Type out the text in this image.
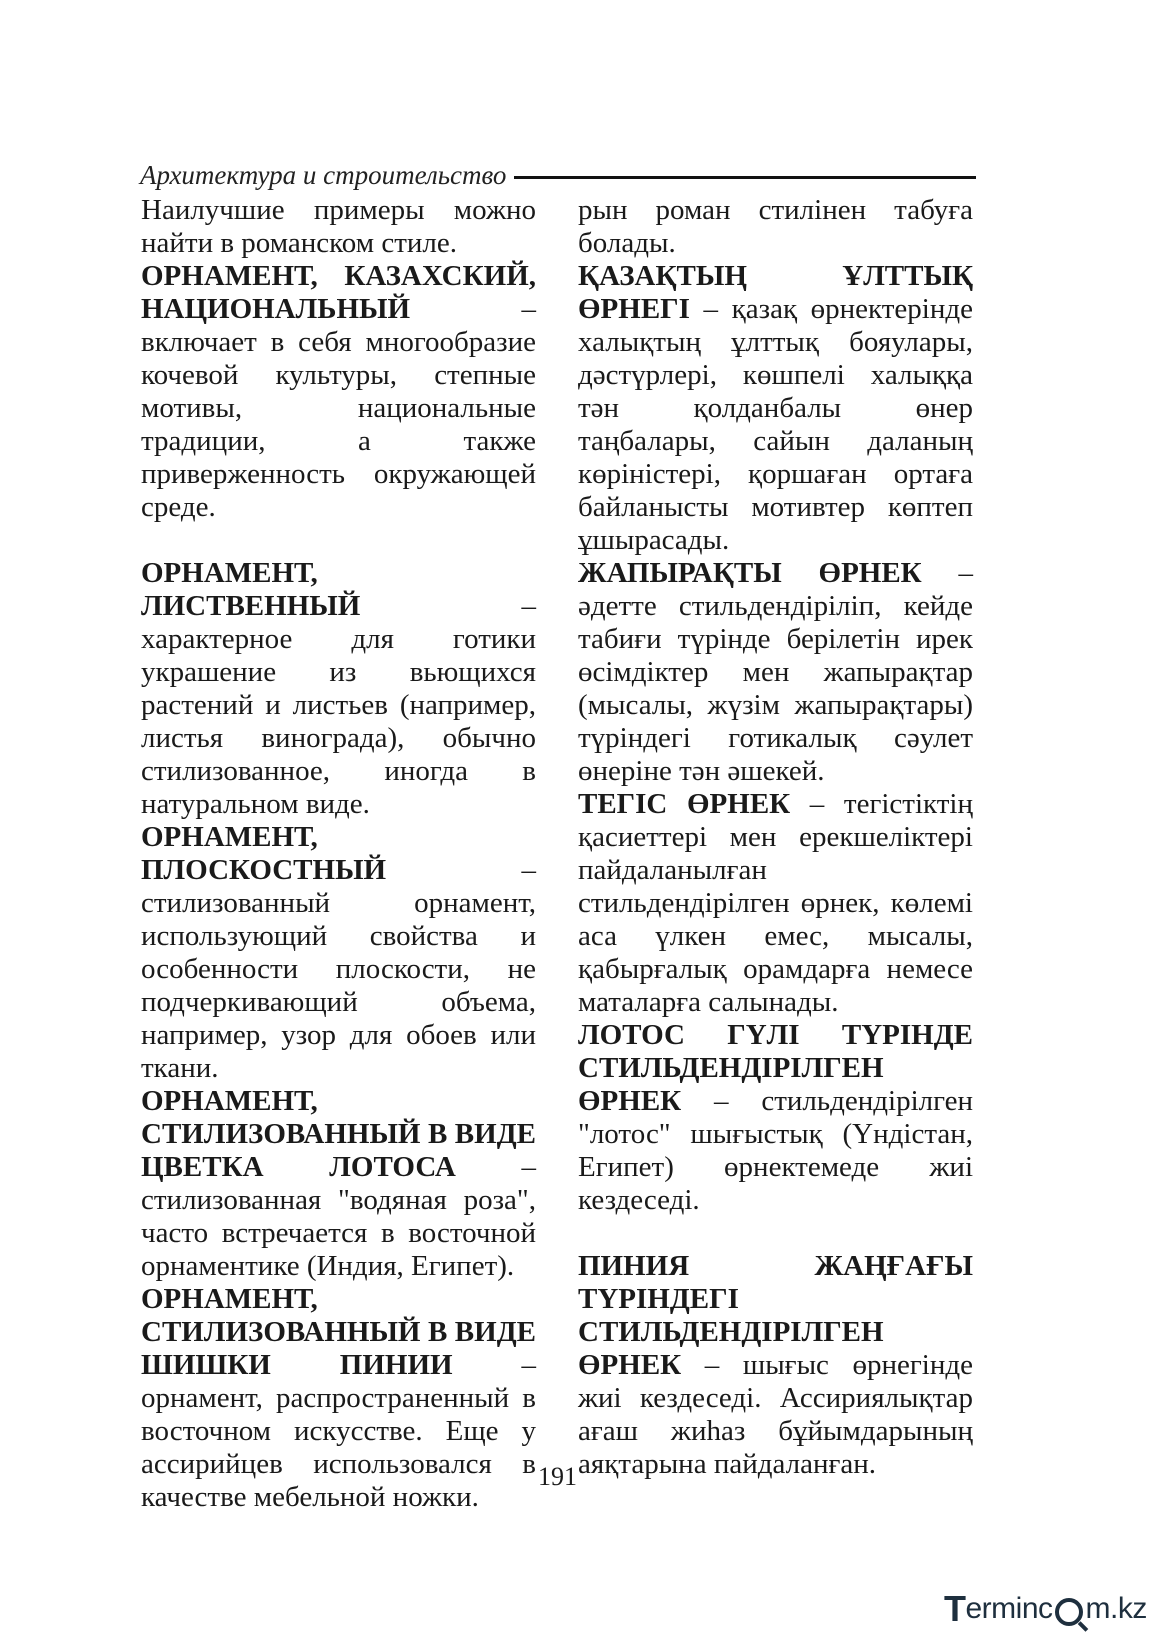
Архитектура и строительство

Наилучшие примеры можно найти в романском стиле.

ОРНАМЕНТ, КАЗАХСКИЙ, НАЦИОНАЛЬНЫЙ – включает в себя многообразие кочевой культуры, степные мотивы, национальные традиции, а также приверженность окружающей среде.

ОРНАМЕНТ, ЛИСТВЕННЫЙ – характерное для готики украшение из вьющихся растений и листьев (например, листья винограда), обычно стилизованное, иногда в натуральном виде.

ОРНАМЕНТ, ПЛОСКОСТНЫЙ – стилизованный орнамент, использующий свойства и особенности плоскости, не подчеркивающий объема, например, узор для обоев или ткани.

ОРНАМЕНТ, СТИЛИЗОВАННЫЙ В ВИДЕ ЦВЕТКА ЛОТОСА – стилизованная "водяная роза", часто встречается в восточной орнаментике (Индия, Египет).

ОРНАМЕНТ, СТИЛИЗОВАННЫЙ В ВИДЕ ШИШКИ ПИНИИ – орнамент, распространенный в восточном искусстве. Еще у ассирийцев использовался в качестве мебельной ножки.

рын роман стилінен табуға болады.

ҚАЗАҚТЫҢ ҰЛТТЫҚ ӨРНЕГІ – қазақ өрнектерінде халықтың ұлттық бояулары, дәстүрлері, көшпелі халыққа тән қолданбалы өнер таңбалары, сайын даланың көріністері, қоршаған ортаға байланысты мотивтер көптеп ұшырасады.

ЖАПЫРАҚТЫ ӨРНЕК – әдетте стильдендіріліп, кейде табиғи түрінде берілетін ирек өсімдіктер мен жапырақтар (мысалы, жүзім жапырақтары) түріндегі готикалық сәулет өнеріне тән әшекей.

ТЕГІС ӨРНЕК – тегістіктің қасиеттері мен ерекшеліктері пайдаланылған стильдендірілген өрнек, көлемі аса үлкен емес, мысалы, қабырғалық орамдарға немесе маталарға салынады.

ЛОТОС ГҮЛІ ТҮРІНДЕ СТИЛЬДЕНДІРІЛГЕН ӨРНЕК – стильдендірілген "лотос" шығыстық (Үндістан, Египет) өрнектемеде жиі кездеседі.

ПИНИЯ ЖАҢҒАҒЫ ТҮРІНДЕГІ СТИЛЬДЕНДІРІЛГЕН ӨРНЕК – шығыс өрнегінде жиі кездеседі. Ассириялықтар ағаш жиһаз бұйымдарының аяқтарына пайдаланған.

191
T erminc m.kz
